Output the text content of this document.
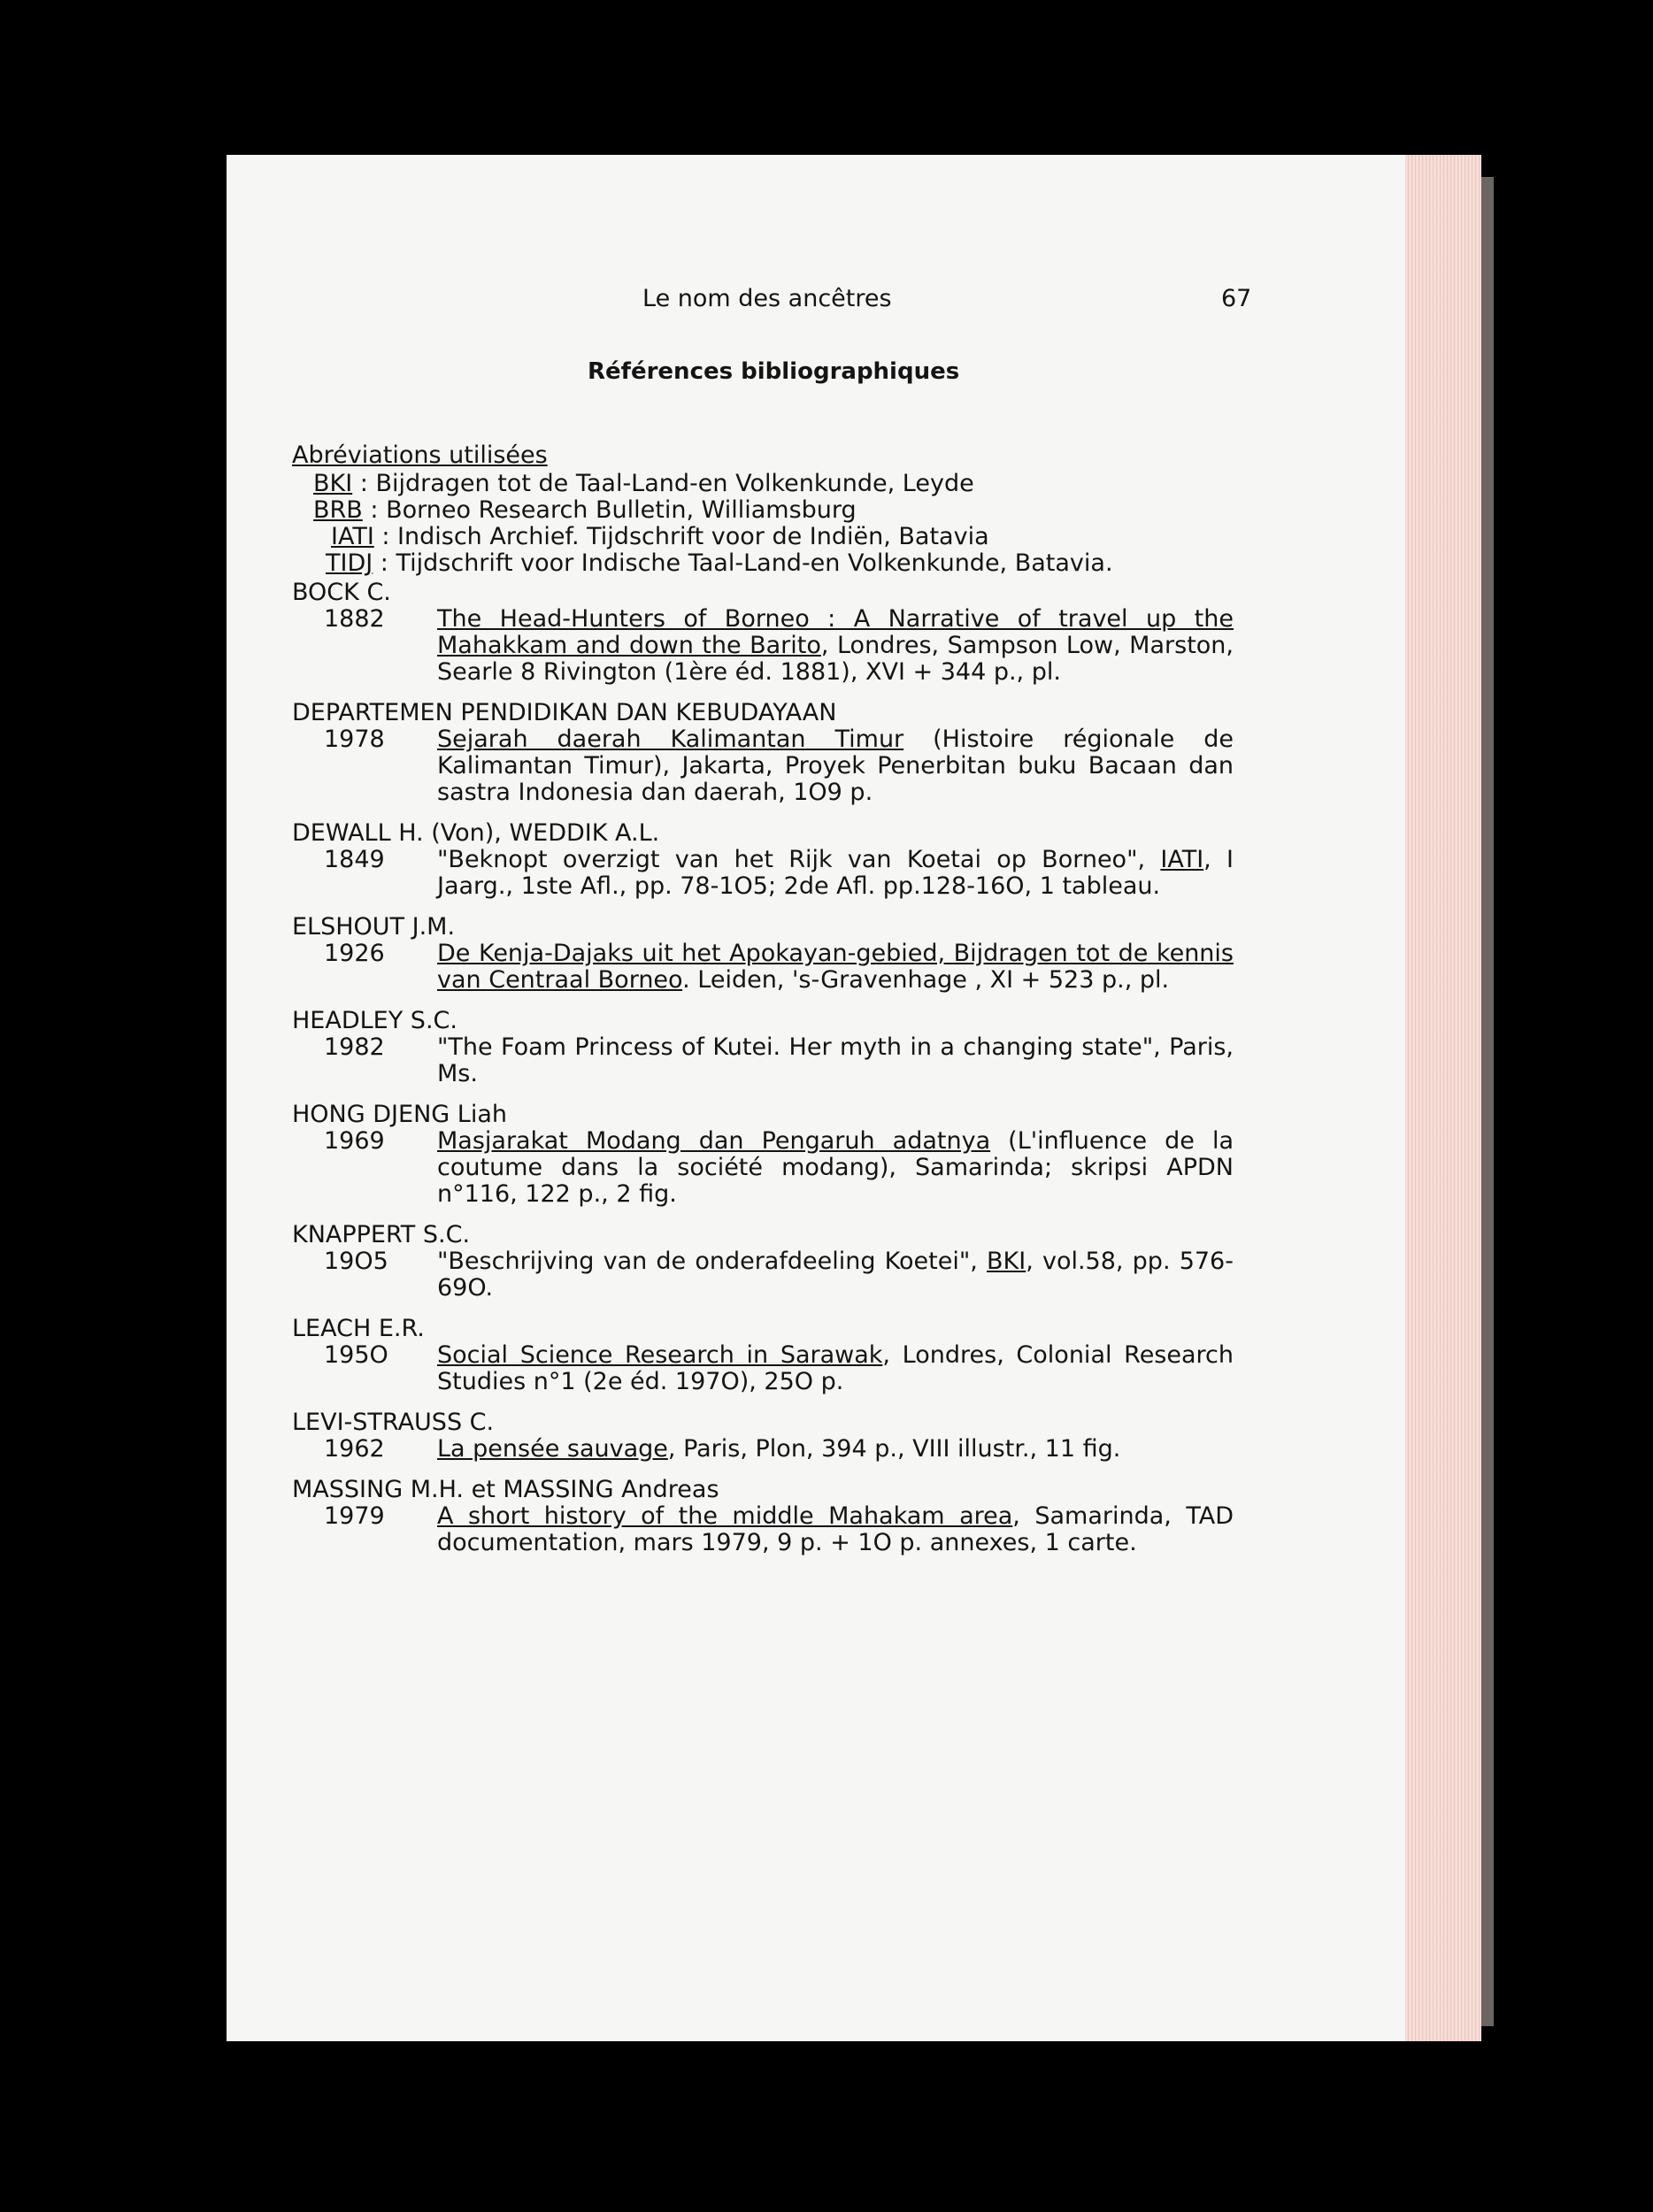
Le nom des ancêtres	67
Références bibliographiques
Abréviations utilisées
BKI : Bijdragen tot de Taal-Land-en Volkenkunde, Leyde
BRB : Borneo Research Bulletin, Williamsburg
IATI : Indisch Archief. Tijdschrift voor de Indiën, Batavia
TIDJ : Tijdschrift voor Indische Taal-Land-en Volkenkunde, Batavia.
BOCK C.
1882	The Head-Hunters of Borneo : A Narrative of travel up the Mahakkam and down the Barito, Londres, Sampson Low, Marston, Searle 8 Rivington (1ère éd. 1881), XVI + 344 p., pl.
DEPARTEMEN PENDIDIKAN DAN KEBUDAYAAN
1978	Sejarah daerah Kalimantan Timur (Histoire régionale de Kalimantan Timur), Jakarta, Proyek Penerbitan buku Bacaan dan sastra Indonesia dan daerah, 1O9 p.
DEWALL H. (Von), WEDDIK A.L.
1849	"Beknopt overzigt van het Rijk van Koetai op Borneo", IATI, I Jaarg., 1ste Afl., pp. 78-1O5; 2de Afl. pp.128-16O, 1 tableau.
ELSHOUT J.M.
1926	De Kenja-Dajaks uit het Apokayan-gebied, Bijdragen tot de kennis van Centraal Borneo. Leiden, 's-Gravenhage , XI + 523 p., pl.
HEADLEY S.C.
1982	"The Foam Princess of Kutei. Her myth in a changing state", Paris, Ms.
HONG DJENG Liah
1969	Masjarakat Modang dan Pengaruh adatnya (L'influence de la coutume dans la société modang), Samarinda; skripsi APDN n°116, 122 p., 2 fig.
KNAPPERT S.C.
19O5	"Beschrijving van de onderafdeeling Koetei", BKI, vol.58, pp. 576-69O.
LEACH E.R.
195O	Social Science Research in Sarawak, Londres, Colonial Research Studies n°1 (2e éd. 197O), 25O p.
LEVI-STRAUSS C.
1962	La pensée sauvage, Paris, Plon, 394 p., VIII illustr., 11 fig.
MASSING M.H. et MASSING Andreas
1979	A short history of the middle Mahakam area, Samarinda, TAD documentation, mars 1979, 9 p. + 1O p. annexes, 1 carte.
